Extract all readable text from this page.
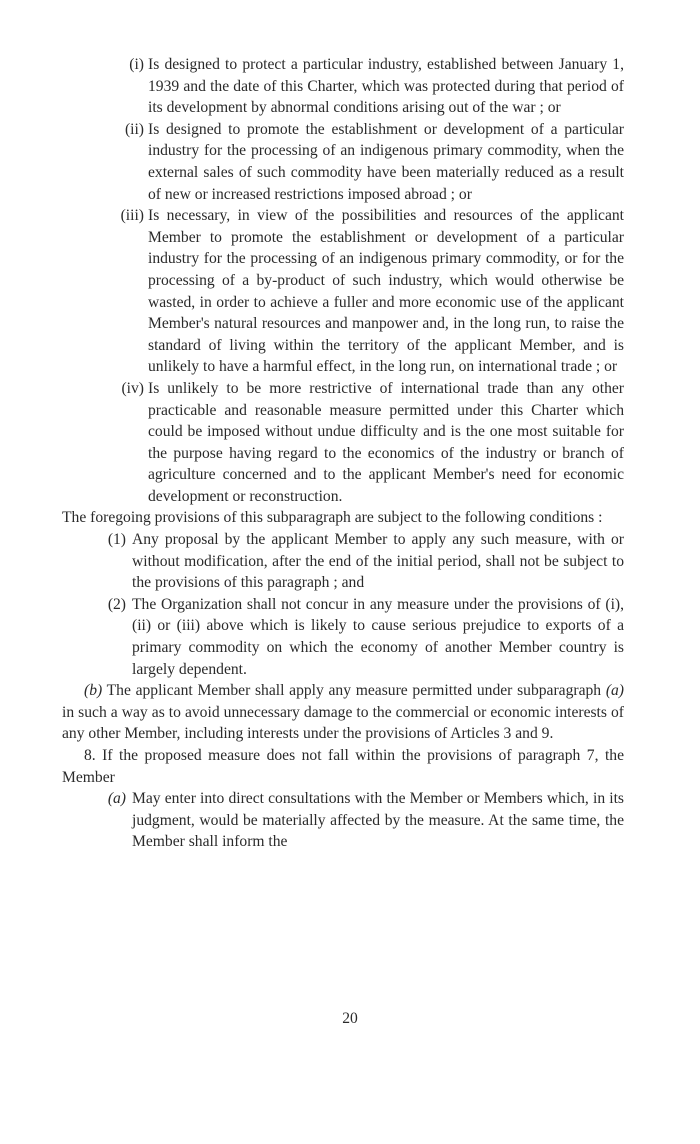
(i) Is designed to protect a particular industry, established between January 1, 1939 and the date of this Charter, which was protected during that period of its development by abnormal conditions arising out of the war ; or

(ii) Is designed to promote the establishment or development of a particular industry for the processing of an indigenous primary commodity, when the external sales of such commodity have been materially reduced as a result of new or increased restrictions imposed abroad ; or

(iii) Is necessary, in view of the possibilities and resources of the applicant Member to promote the establishment or development of a particular industry for the processing of an indigenous primary commodity, or for the processing of a by-product of such industry, which would otherwise be wasted, in order to achieve a fuller and more economic use of the applicant Member's natural resources and manpower and, in the long run, to raise the standard of living within the territory of the applicant Member, and is unlikely to have a harmful effect, in the long run, on international trade ; or

(iv) Is unlikely to be more restrictive of international trade than any other practicable and reasonable measure permitted under this Charter which could be imposed without undue difficulty and is the one most suitable for the purpose having regard to the economics of the industry or branch of agriculture concerned and to the applicant Member's need for economic development or reconstruction.

The foregoing provisions of this subparagraph are subject to the following conditions :

(1) Any proposal by the applicant Member to apply any such measure, with or without modification, after the end of the initial period, shall not be subject to the provisions of this paragraph ; and

(2) The Organization shall not concur in any measure under the provisions of (i), (ii) or (iii) above which is likely to cause serious prejudice to exports of a primary commodity on which the economy of another Member country is largely dependent.

(b) The applicant Member shall apply any measure permitted under subparagraph (a) in such a way as to avoid unnecessary damage to the commercial or economic interests of any other Member, including interests under the provisions of Articles 3 and 9.

8. If the proposed measure does not fall within the provisions of paragraph 7, the Member

(a) May enter into direct consultations with the Member or Members which, in its judgment, would be materially affected by the measure. At the same time, the Member shall inform the

20
